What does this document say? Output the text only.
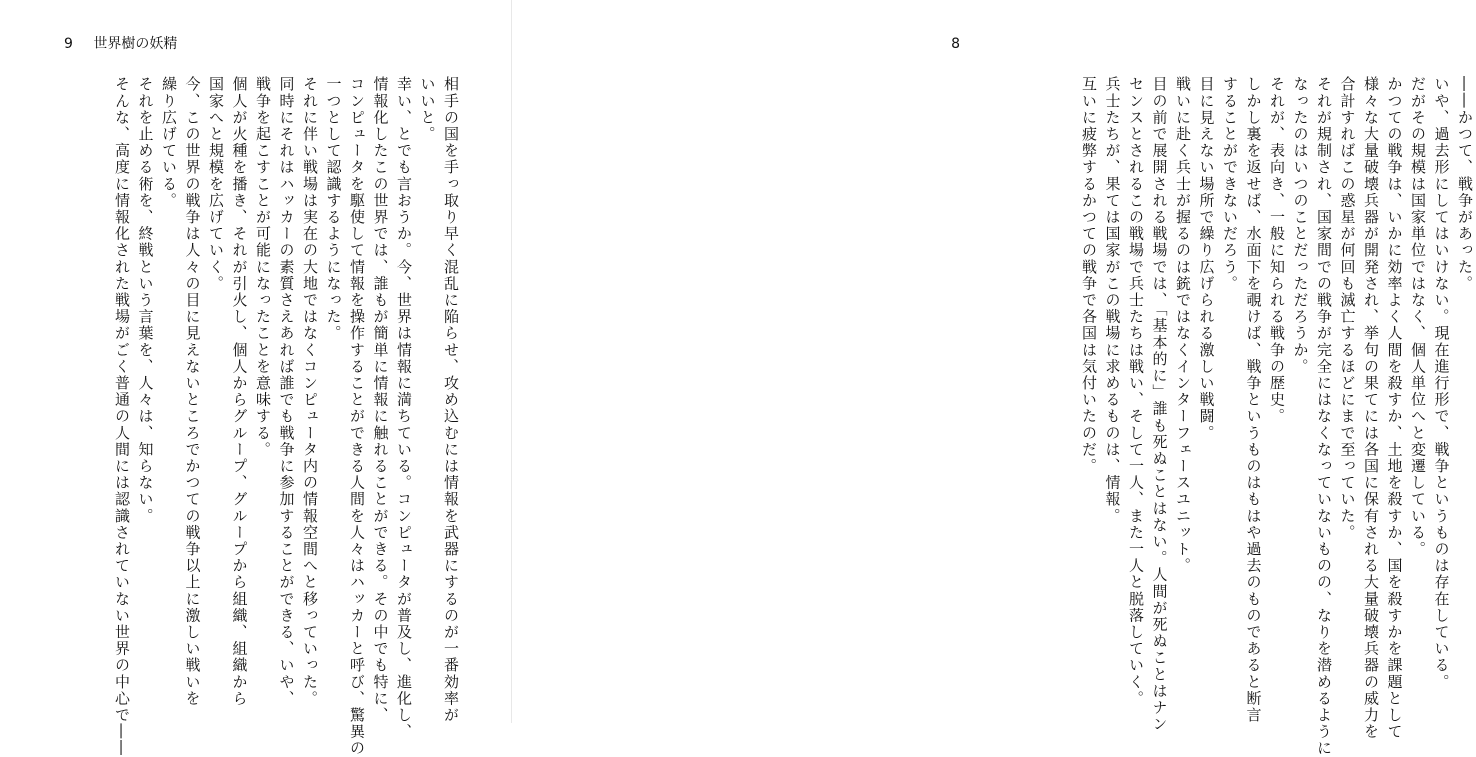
9 世界樹の妖精

相手の国を手っ取り早く混乱に陥らせ、攻め込むには情報を武器にするのが一番効率が

いいと。

幸い、とでも言おうか。今、世界は情報に満ちている。コンピュータが普及し、進化し、

情報化したこの世界では、誰もが簡単に情報に触れることができる。その中でも特に、

コンピュータを駆使して情報を操作することができる人間を人々はハッカーと呼び、驚異の

一つとして認識するようになった。

それに伴い戦場は実在の大地ではなくコンピュータ内の情報空間へと移っていった。

同時にそれはハッカーの素質さえあれば誰でも戦争に参加することができる、いや、

戦争を起こすことが可能になったことを意味する。

個人が火種を播き、それが引火し、個人からグループ、グループから組織、組織から

国家へと規模を広げていく。

今、この世界の戦争は人々の目に見えないところでかつての戦争以上に激しい戦いを

繰り広げている。

それを止める術を、終戦という言葉を、人々は、知らない。

そんな、高度に情報化された戦場がごく普通の人間には認識されていない世界の中心で――

8

――かつて、戦争があった。

いや、過去形にしてはいけない。現在進行形で、戦争というものは存在している。

だがその規模は国家単位ではなく、個人単位へと変遷している。

かつての戦争は、いかに効率よく人間を殺すか、土地を殺すか、国を殺すかを課題として

様々な大量破壊兵器が開発され、挙句の果てには各国に保有される大量破壊兵器の威力を

合計すればこの惑星が何回も滅亡するほどにまで至っていた。

それが規制され、国家間での戦争が完全にはなくなっていないものの、なりを潜めるように

なったのはいつのことだっただろうか。

それが、表向き、一般に知られる戦争の歴史。

しかし裏を返せば、水面下を覗けば、戦争というものはもはや過去のものであると断言

することができないだろう。

目に見えない場所で繰り広げられる激しい戦闘。

戦いに赴く兵士が握るのは銃ではなくインターフェースユニット。

目の前で展開される戦場では、「基本的に」誰も死ぬことはない。人間が死ぬことはナン

センスとされるこの戦場で兵士たちは戦い、そして一人、また一人と脱落していく。

兵士たちが、果ては国家がこの戦場に求めるものは、情報。

互いに疲弊するかつての戦争で各国は気付いたのだ。
